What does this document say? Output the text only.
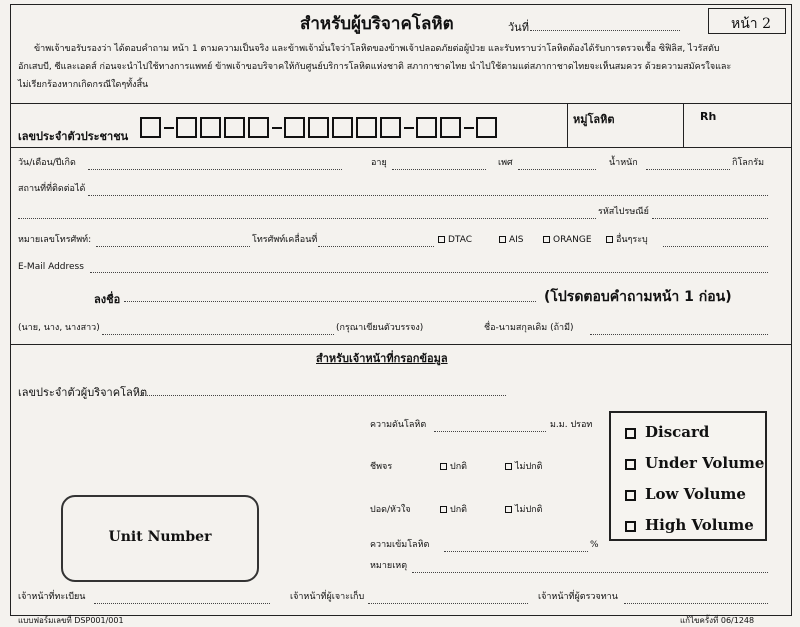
สำหรับผู้บริจาคโลหิต	วันที่	หน้า 2
ข้าพเจ้าขอรับรองว่า ได้ตอบคำถาม หน้า 1 ตามความเป็นจริง และข้าพเจ้ามั่นใจว่าโลหิตของข้าพเจ้าปลอดภัยต่อผู้ป่วย และรับทราบว่าโลหิตต้องได้รับการตรวจเชื้อ ซิฟิลิส, ไวรัสตับ
อักเสบบี, ซีและเอดส์ ก่อนจะนำไปใช้ทางการแพทย์ ข้าพเจ้าขอบริจาคให้กับศูนย์บริการโลหิตแห่งชาติ สภากาชาดไทย นำไปใช้ตามแต่สภากาชาดไทยจะเห็นสมควร ด้วยความสมัครใจและ
ไม่เรียกร้องหากเกิดกรณีใดๆทั้งสิ้น
เลขประจำตัวประชาชน
หมู่โลหิต	Rh
วัน/เดือน/ปีเกิด	อายุ	เพศ	น้ำหนัก	กิโลกรัม
สถานที่ที่ติดต่อได้
รหัสไปรษณีย์
หมายเลขโทรศัพท์:	โทรศัพท์เคลื่อนที่	DTAC	AIS	ORANGE	อื่นๆระบุ
E-Mail Address
ลงชื่อ	(โปรดตอบคำถามหน้า 1 ก่อน)
(นาย, นาง, นางสาว)	(กรุณาเขียนตัวบรรจง)	ชื่อ-นามสกุลเดิม (ถ้ามี)
สำหรับเจ้าหน้าที่กรอกข้อมูล
เลขประจำตัวผู้บริจาคโลหิต
ความดันโลหิต	ม.ม. ปรอท
ชีพจร	ปกติ	ไม่ปกติ
ปอด/หัวใจ	ปกติ	ไม่ปกติ
ความเข้มโลหิต	%
หมายเหตุ
Unit Number
Discard
Under Volume
Low Volume
High Volume
เจ้าหน้าที่ทะเบียน	เจ้าหน้าที่ผู้เจาะเก็บ	เจ้าหน้าที่ผู้ตรวจทาน
แบบฟอร์มเลขที่ DSP001/001	แก้ไขครั้งที่ 06/1248
